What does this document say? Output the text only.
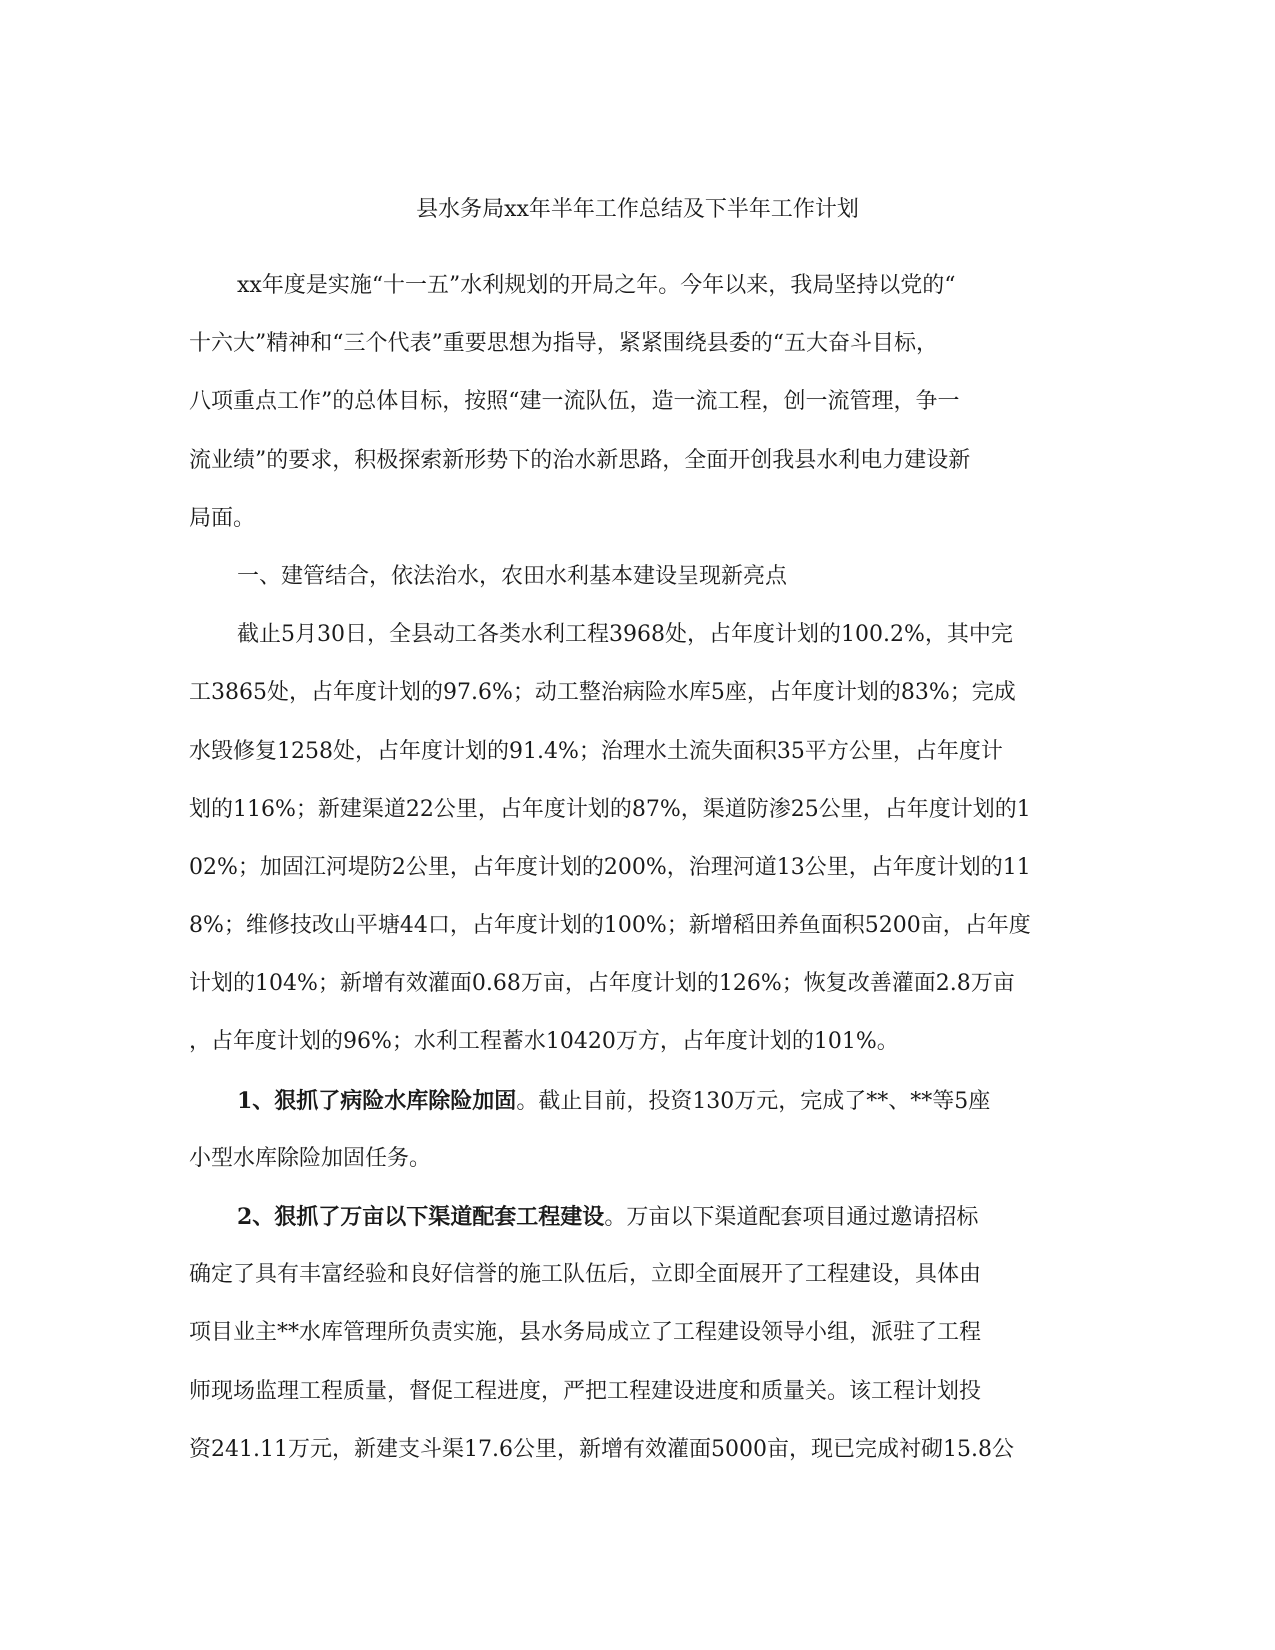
县水务局xx年半年工作总结及下半年工作计划
xx年度是实施“十一五”水利规划的开局之年。今年以来，我局坚持以党的“
十六大”精神和“三个代表”重要思想为指导，紧紧围绕县委的“五大奋斗目标，
八项重点工作”的总体目标，按照“建一流队伍，造一流工程，创一流管理，争一
流业绩”的要求，积极探索新形势下的治水新思路，全面开创我县水利电力建设新
局面。
一、建管结合，依法治水，农田水利基本建设呈现新亮点
截止5月30日，全县动工各类水利工程3968处，占年度计划的100.2%，其中完
工3865处，占年度计划的97.6%；动工整治病险水库5座，占年度计划的83%；完成
水毁修复1258处，占年度计划的91.4%；治理水土流失面积35平方公里，占年度计
划的116%；新建渠道22公里，占年度计划的87%，渠道防渗25公里，占年度计划的1
02%；加固江河堤防2公里，占年度计划的200%，治理河道13公里，占年度计划的11
8%；维修技改山平塘44口，占年度计划的100%；新增稻田养鱼面积5200亩，占年度
计划的104%；新增有效灌面0.68万亩，占年度计划的126%；恢复改善灌面2.8万亩
，占年度计划的96%；水利工程蓄水10420万方，占年度计划的101%。
1、狠抓了病险水库除险加固。截止目前，投资130万元，完成了**、**等5座
小型水库除险加固任务。
2、狠抓了万亩以下渠道配套工程建设。万亩以下渠道配套项目通过邀请招标
确定了具有丰富经验和良好信誉的施工队伍后，立即全面展开了工程建设，具体由
项目业主**水库管理所负责实施，县水务局成立了工程建设领导小组，派驻了工程
师现场监理工程质量，督促工程进度，严把工程建设进度和质量关。该工程计划投
资241.11万元，新建支斗渠17.6公里，新增有效灌面5000亩，现已完成衬砌15.8公
